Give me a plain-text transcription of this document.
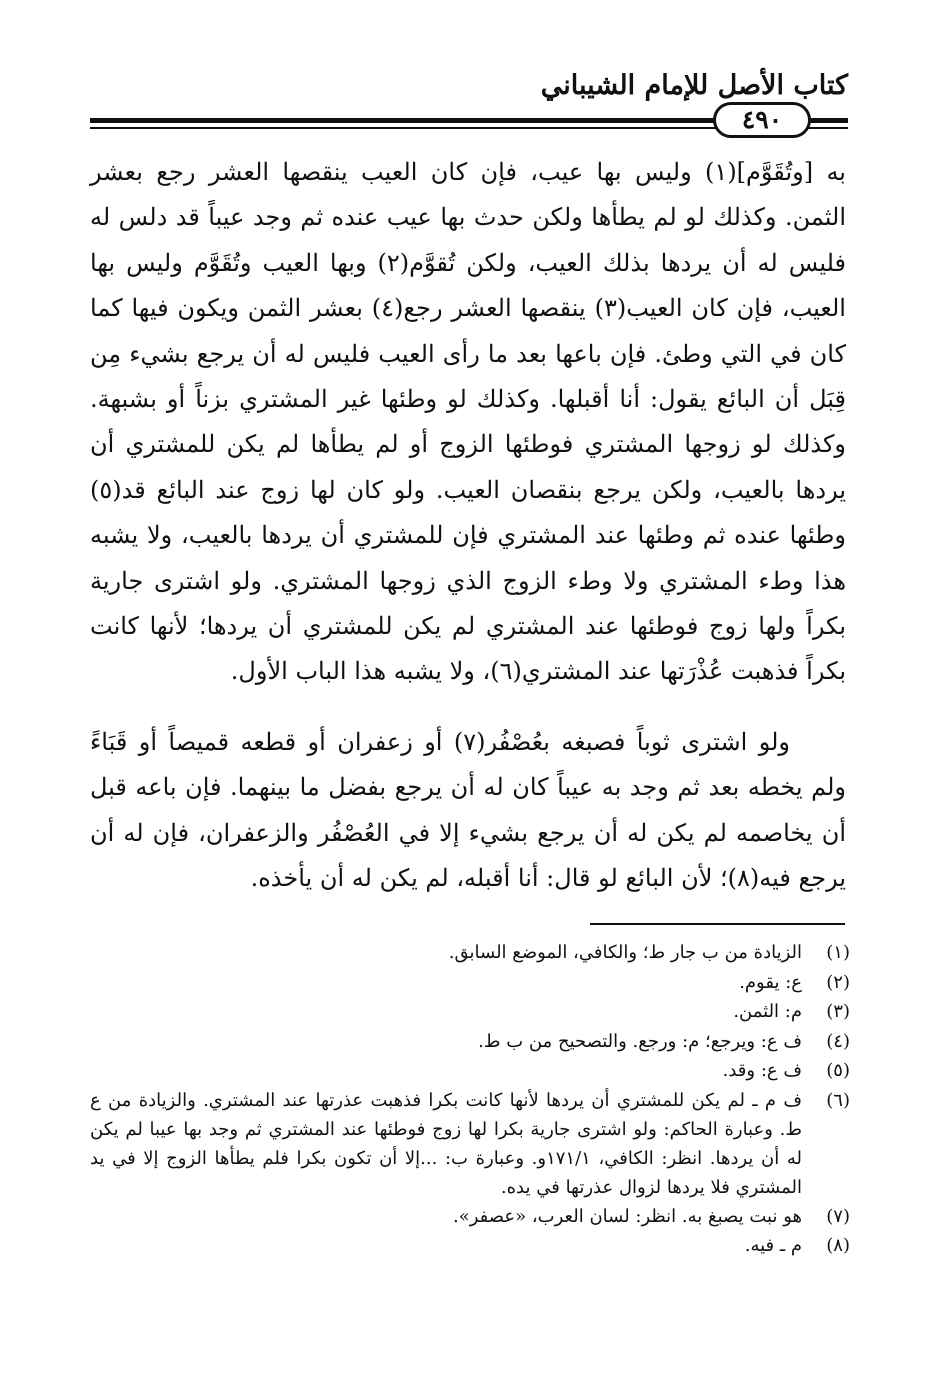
كتاب الأصل للإمام الشيباني
٤٩٠

به [وتُقَوَّم](١) وليس بها عيب، فإن كان العيب ينقصها العشر رجع بعشر الثمن. وكذلك لو لم يطأها ولكن حدث بها عيب عنده ثم وجد عيباً قد دلس له فليس له أن يردها بذلك العيب، ولكن تُقوَّم(٢) وبها العيب وتُقَوَّم وليس بها العيب، فإن كان العيب(٣) ينقصها العشر رجع(٤) بعشر الثمن ويكون فيها كما كان في التي وطئ. فإن باعها بعد ما رأى العيب فليس له أن يرجع بشيء مِن قِبَل أن البائع يقول: أنا أقبلها. وكذلك لو وطئها غير المشتري بزناً أو بشبهة. وكذلك لو زوجها المشتري فوطئها الزوج أو لم يطأها لم يكن للمشتري أن يردها بالعيب، ولكن يرجع بنقصان العيب. ولو كان لها زوج عند البائع قد(٥) وطئها عنده ثم وطئها عند المشتري فإن للمشتري أن يردها بالعيب، ولا يشبه هذا وطء المشتري ولا وطء الزوج الذي زوجها المشتري. ولو اشترى جارية بكراً ولها زوج فوطئها عند المشتري لم يكن للمشتري أن يردها؛ لأنها كانت بكراً فذهبت عُذْرَتها عند المشتري(٦)، ولا يشبه هذا الباب الأول.

ولو اشترى ثوباً فصبغه بعُصْفُر(٧) أو زعفران أو قطعه قميصاً أو قَبَاءً ولم يخطه بعد ثم وجد به عيباً كان له أن يرجع بفضل ما بينهما. فإن باعه قبل أن يخاصمه لم يكن له أن يرجع بشيء إلا في العُصْفُر والزعفران، فإن له أن يرجع فيه(٨)؛ لأن البائع لو قال: أنا أقبله، لم يكن له أن يأخذه.

(١)
الزيادة من ب جار ط؛ والكافي، الموضع السابق.
(٢)
ع: يقوم.
(٣)
م: الثمن.
(٤)
ف ع: ويرجع؛ م: ورجع. والتصحيح من ب ط.
(٥)
ف ع: وقد.
(٦)
ف م ـ لم يكن للمشتري أن يردها لأنها كانت بكرا فذهبت عذرتها عند المشتري. والزيادة من ع ط. وعبارة الحاكم: ولو اشترى جارية بكرا لها زوج فوطئها عند المشتري ثم وجد بها عيبا لم يكن له أن يردها. انظر: الكافي، ١٧١/١و. وعبارة ب: ...إلا أن تكون بكرا فلم يطأها الزوج إلا في يد المشتري فلا يردها لزوال عذرتها في يده.
(٧)
هو نبت يصبغ به. انظر: لسان العرب، «عصفر».
(٨)
م ـ فيه.
